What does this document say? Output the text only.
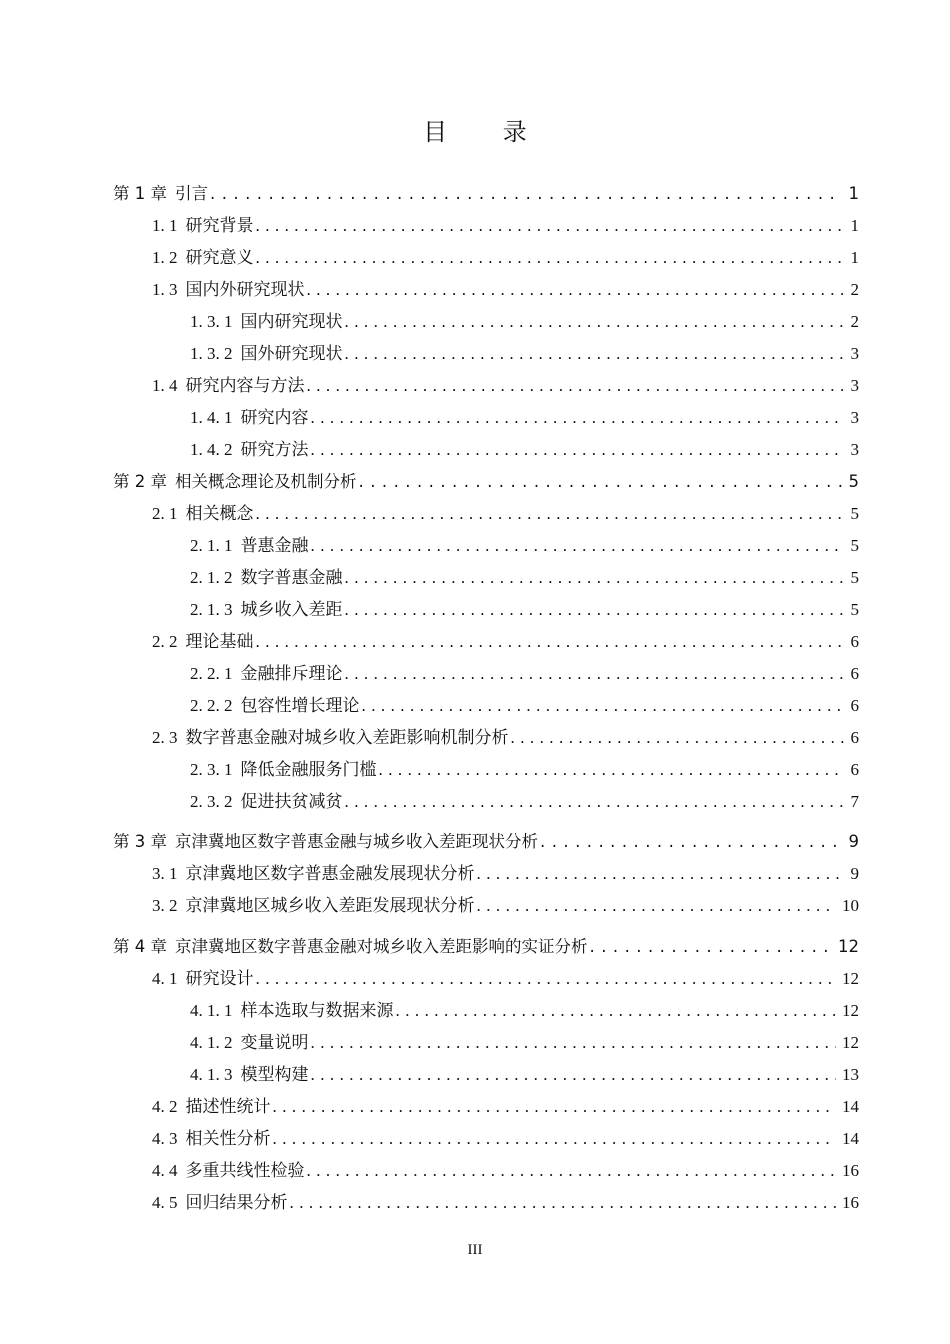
目 录
第 1 章 引言 . . .	1
1. 1 研究背景 . . .	1
1. 2 研究意义 . . .	1
1. 3 国内外研究现状 . . .	2
1. 3. 1 国内研究现状 . . .	2
1. 3. 2 国外研究现状 . . .	3
1. 4 研究内容与方法 . . .	3
1. 4. 1 研究内容 . . .	3
1. 4. 2 研究方法 . . .	3
第 2 章 相关概念理论及机制分析 . . .	5
2. 1 相关概念 . . .	5
2. 1. 1 普惠金融 . . .	5
2. 1. 2 数字普惠金融 . . .	5
2. 1. 3 城乡收入差距 . . .	5
2. 2 理论基础 . . .	6
2. 2. 1 金融排斥理论 . . .	6
2. 2. 2 包容性增长理论 . . .	6
2. 3 数字普惠金融对城乡收入差距影响机制分析 . . .	6
2. 3. 1 降低金融服务门槛 . . .	6
2. 3. 2 促进扶贫减贫 . . .	7
第 3 章 京津冀地区数字普惠金融与城乡收入差距现状分析 . . .	9
3. 1 京津冀地区数字普惠金融发展现状分析 . . .	9
3. 2 京津冀地区城乡收入差距发展现状分析 . . .	10
第 4 章 京津冀地区数字普惠金融对城乡收入差距影响的实证分析 . . .	12
4. 1 研究设计 . . .	12
4. 1. 1 样本选取与数据来源 . . .	12
4. 1. 2 变量说明 . . .	12
4. 1. 3 模型构建 . . .	13
4. 2 描述性统计 . . .	14
4. 3 相关性分析 . . .	14
4. 4 多重共线性检验 . . .	16
4. 5 回归结果分析 . . .	16
III
